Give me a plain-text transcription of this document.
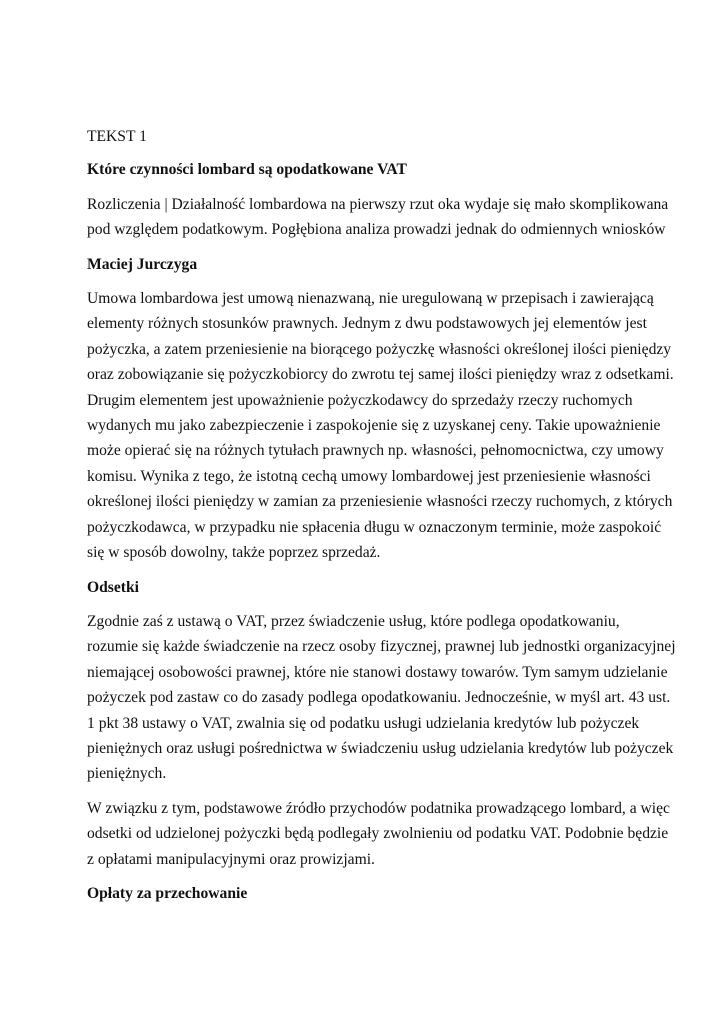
TEKST 1

Które czynności lombard są opodatkowane VAT

Rozliczenia | Działalność lombardowa na pierwszy rzut oka wydaje się mało skomplikowana
pod względem podatkowym. Pogłębiona analiza prowadzi jednak do odmiennych wniosków

Maciej Jurczyga

Umowa lombardowa jest umową nienazwaną, nie uregulowaną w przepisach i zawierającą
elementy różnych stosunków prawnych. Jednym z dwu podstawowych jej elementów jest
pożyczka, a zatem przeniesienie na biorącego pożyczkę własności określonej ilości pieniędzy
oraz zobowiązanie się pożyczkobiorcy do zwrotu tej samej ilości pieniędzy wraz z odsetkami.
Drugim elementem jest upoważnienie pożyczkodawcy do sprzedaży rzeczy ruchomych
wydanych mu jako zabezpieczenie i zaspokojenie się z uzyskanej ceny. Takie upoważnienie
może opierać się na różnych tytułach prawnych np. własności, pełnomocnictwa, czy umowy
komisu. Wynika z tego, że istotną cechą umowy lombardowej jest przeniesienie własności
określonej ilości pieniędzy w zamian za przeniesienie własności rzeczy ruchomych, z których
pożyczkodawca, w przypadku nie spłacenia długu w oznaczonym terminie, może zaspokoić
się w sposób dowolny, także poprzez sprzedaż.

Odsetki

Zgodnie zaś z ustawą o VAT, przez świadczenie usług, które podlega opodatkowaniu,
rozumie się każde świadczenie na rzecz osoby fizycznej, prawnej lub jednostki organizacyjnej
niemającej osobowości prawnej, które nie stanowi dostawy towarów. Tym samym udzielanie
pożyczek pod zastaw co do zasady podlega opodatkowaniu. Jednocześnie, w myśl art. 43 ust.
1 pkt 38 ustawy o VAT, zwalnia się od podatku usługi udzielania kredytów lub pożyczek
pieniężnych oraz usługi pośrednictwa w świadczeniu usług udzielania kredytów lub pożyczek
pieniężnych.

W związku z tym, podstawowe źródło przychodów podatnika prowadzącego lombard, a więc
odsetki od udzielonej pożyczki będą podlegały zwolnieniu od podatku VAT. Podobnie będzie
z opłatami manipulacyjnymi oraz prowizjami.

Opłaty za przechowanie
